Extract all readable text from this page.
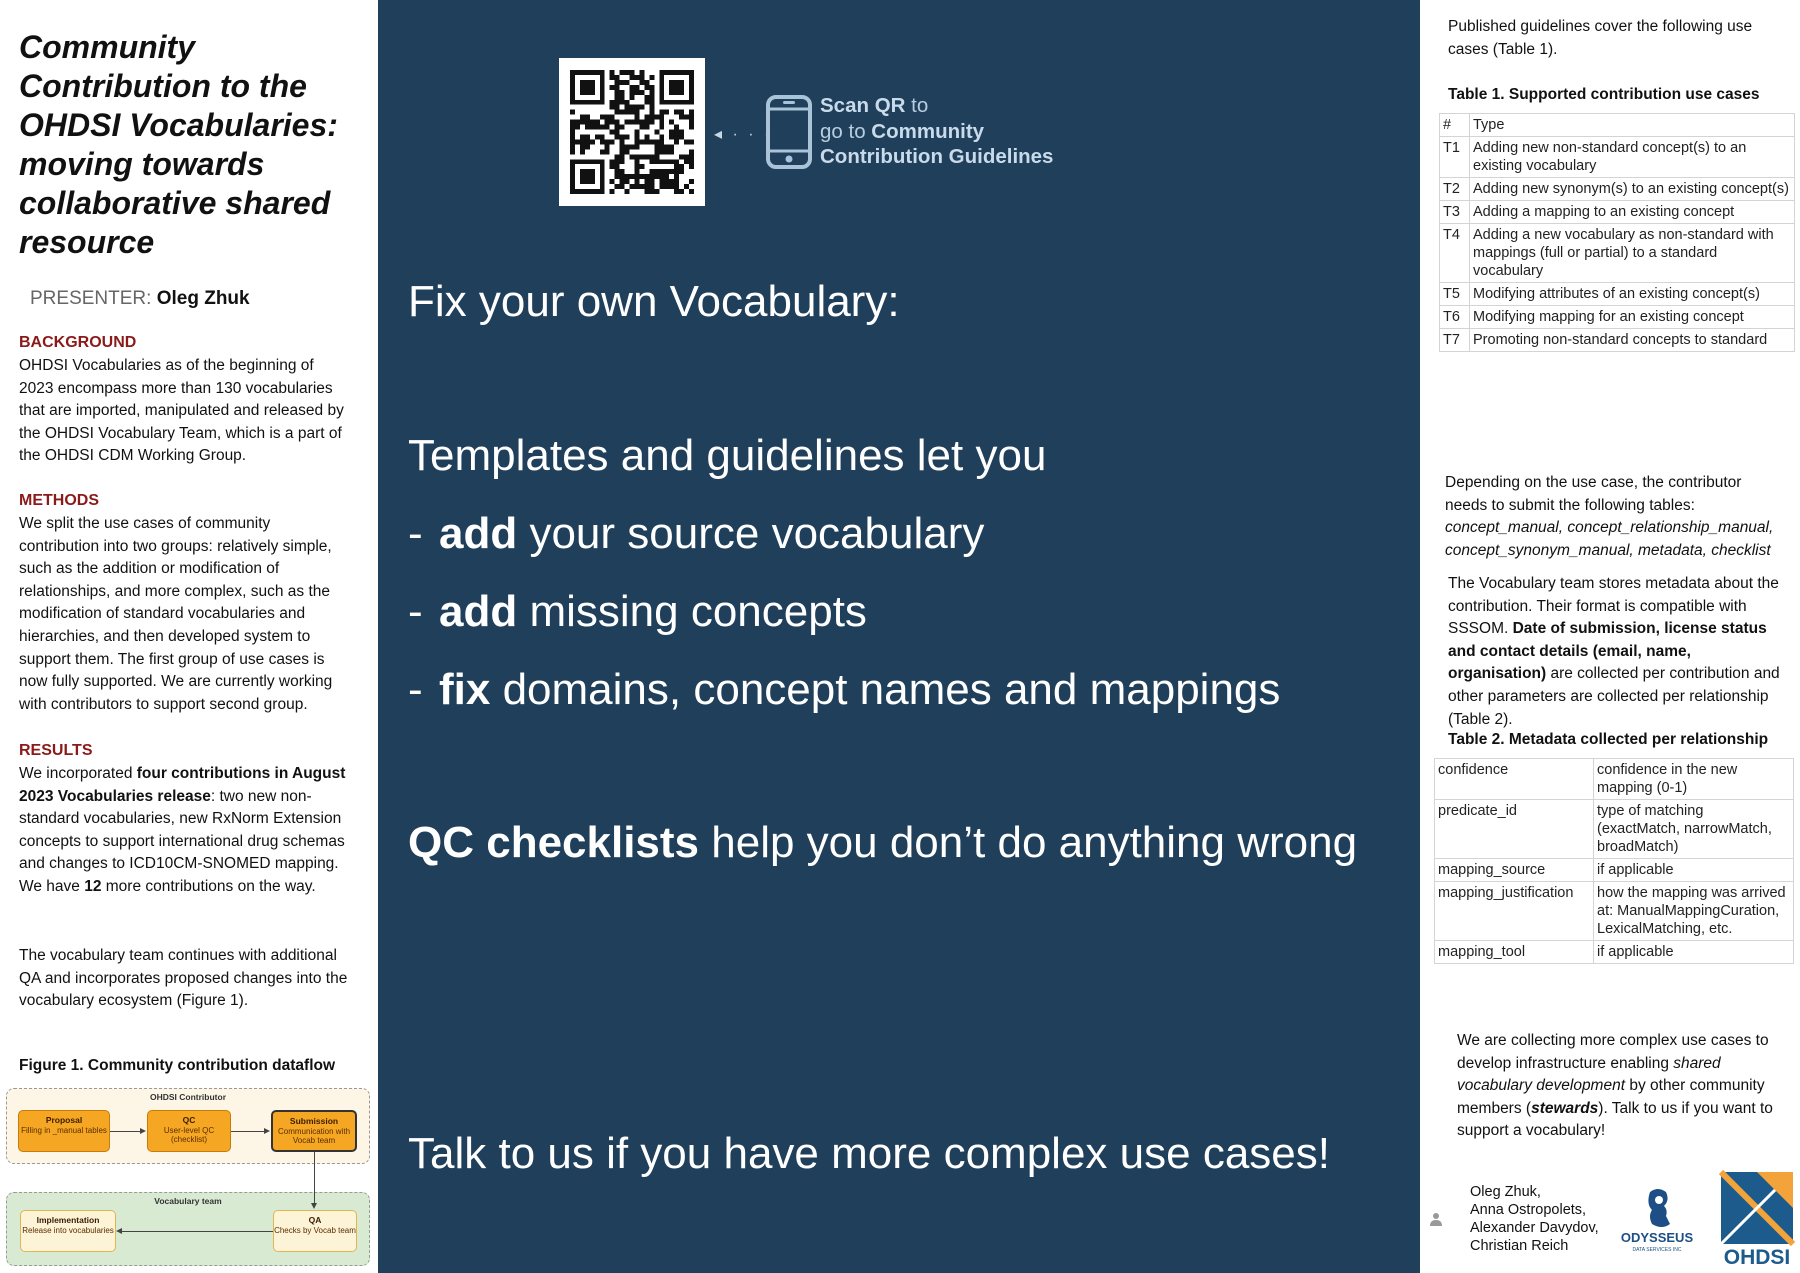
Community Contribution to the OHDSI Vocabularies: moving towards collaborative shared resource
PRESENTER: Oleg Zhuk
BACKGROUND
OHDSI Vocabularies as of the beginning of 2023 encompass more than 130 vocabularies that are imported, manipulated and released by the OHDSI Vocabulary Team, which is a part of the OHDSI CDM Working Group.
METHODS
We split the use cases of community contribution into two groups: relatively simple, such as the addition or modification of relationships, and more complex, such as the modification of standard vocabularies and hierarchies, and then developed system to support them. The first group of use cases is now fully supported. We are currently working with contributors to support second group.
RESULTS
We incorporated four contributions in August 2023 Vocabularies release: two new non-standard vocabularies, new RxNorm Extension concepts to support international drug schemas and changes to ICD10CM-SNOMED mapping. We have 12 more contributions on the way.
The vocabulary team continues with additional QA and incorporates proposed changes into the vocabulary ecosystem (Figure 1).
Figure 1. Community contribution dataflow
OHDSI Contributor
Vocabulary team
Proposal
Filling in _manual tables
QC
User-level QC (checklist)
Submission
Communication with Vocab team
Implementation
Release into vocabularies
QA
Checks by Vocab team
◂ · · ·
Scan QR to
go to Community
Contribution Guidelines
Fix your own Vocabulary:
Templates and guidelines let you
- add your source vocabulary
- add missing concepts
- fix domains, concept names and mappings
QC checklists help you don’t do anything wrong
Talk to us if you have more complex use cases!
Published guidelines cover the following use cases (Table 1).
Table 1. Supported contribution use cases
#	Type
T1	Adding new non-standard concept(s) to an existing vocabulary
T2	Adding new synonym(s) to an existing concept(s)
T3	Adding a mapping to an existing concept
T4	Adding a new vocabulary as non-standard with mappings (full or partial) to a standard vocabulary
T5	Modifying attributes of an existing concept(s)
T6	Modifying mapping for an existing concept
T7	Promoting non-standard concepts to standard
Depending on the use case, the contributor needs to submit the following tables:
concept_manual, concept_relationship_manual, concept_synonym_manual, metadata, checklist
The Vocabulary team stores metadata about the contribution. Their format is compatible with SSSOM. Date of submission, license status and contact details (email, name, organisation) are collected per contribution and other parameters are collected per relationship (Table 2).
Table 2. Metadata collected per relationship
confidence	confidence in the new mapping (0-1)
predicate_id	type of matching (exactMatch, narrowMatch, broadMatch)
mapping_source	if applicable
mapping_justification	how the mapping was arrived at: ManualMappingCuration, LexicalMatching, etc.
mapping_tool	if applicable
We are collecting more complex use cases to develop infrastructure enabling shared vocabulary development by other community members (stewards). Talk to us if you want to support a vocabulary!
Oleg Zhuk,
Anna Ostropolets,
Alexander Davydov,
Christian Reich
ODYSSEUS
DATA SERVICES INC OHDSI
